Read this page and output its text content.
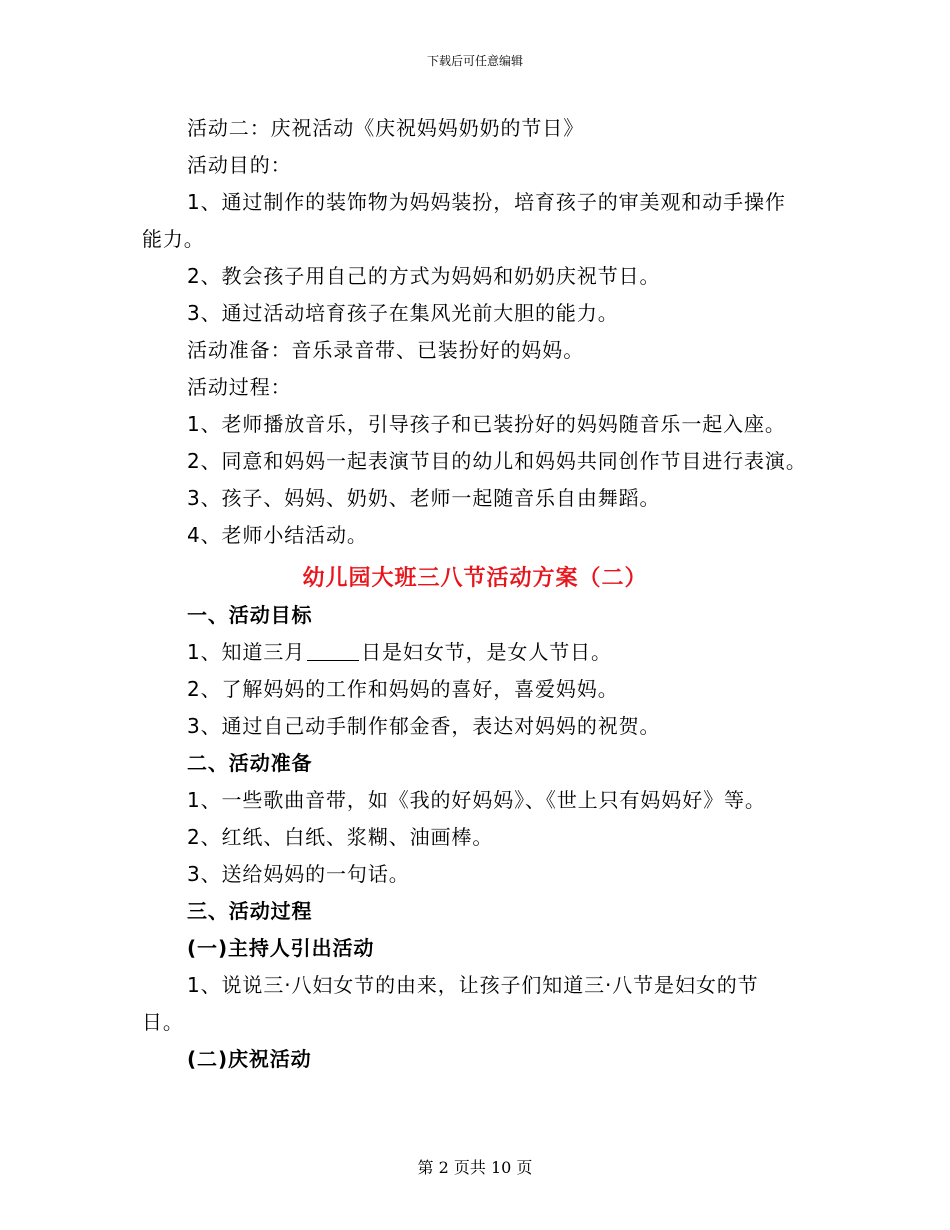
下载后可任意编辑
活动二：庆祝活动《庆祝妈妈奶奶的节日》
活动目的：
1、通过制作的装饰物为妈妈装扮，培育孩子的审美观和动手操作
能力。
2、教会孩子用自己的方式为妈妈和奶奶庆祝节日。
3、通过活动培育孩子在集风光前大胆的能力。
活动准备：音乐录音带、已装扮好的妈妈。
活动过程：
1、老师播放音乐，引导孩子和已装扮好的妈妈随音乐一起入座。
2、同意和妈妈一起表演节目的幼儿和妈妈共同创作节目进行表演。
3、孩子、妈妈、奶奶、老师一起随音乐自由舞蹈。
4、老师小结活动。
幼儿园大班三八节活动方案（二）
一、活动目标
1、知道三月	日是妇女节，是女人节日。
2、了解妈妈的工作和妈妈的喜好，喜爱妈妈。
3、通过自己动手制作郁金香，表达对妈妈的祝贺。
二、活动准备
1、一些歌曲音带，如《我的好妈妈》、《世上只有妈妈好》等。
2、红纸、白纸、浆糊、油画棒。
3、送给妈妈的一句话。
三、活动过程
(一)主持人引出活动
1、说说三·八妇女节的由来，让孩子们知道三·八节是妇女的节
日。
(二)庆祝活动
第 2 页共 10 页
